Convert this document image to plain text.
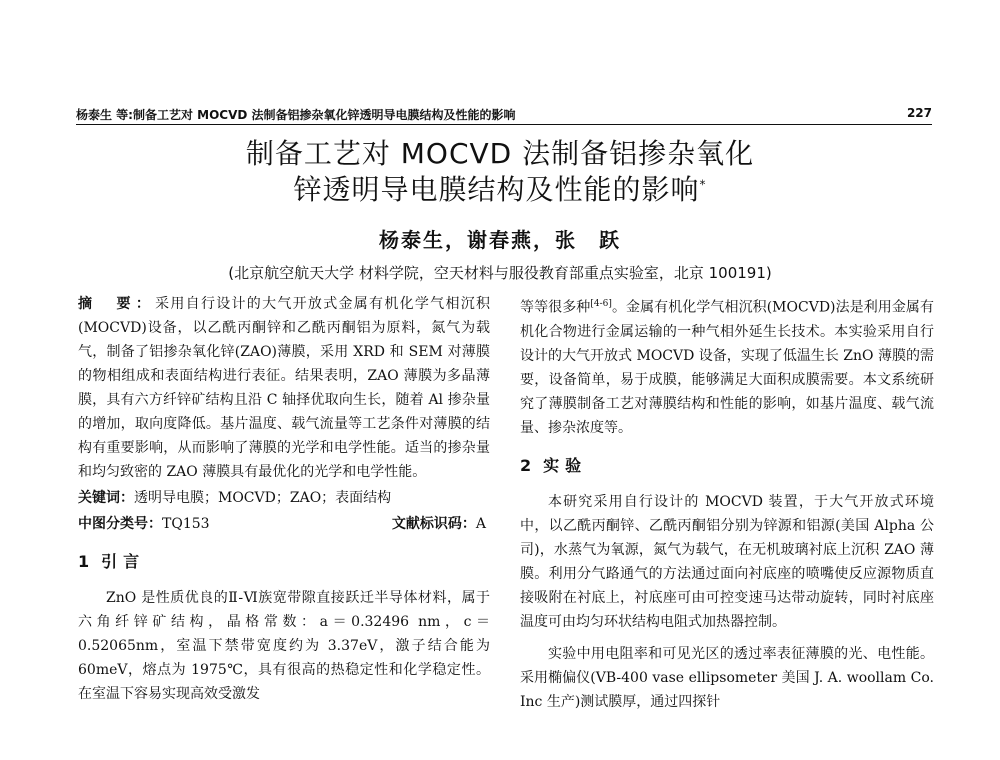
杨泰生 等:制备工艺对 MOCVD 法制备铝掺杂氧化锌透明导电膜结构及性能的影响	227
制备工艺对 MOCVD 法制备铝掺杂氧化
锌透明导电膜结构及性能的影响*
杨泰生，谢春燕，张　跃
(北京航空航天大学 材料学院，空天材料与服役教育部重点实验室，北京 100191)
摘　要：采用自行设计的大气开放式金属有机化学气相沉积(MOCVD)设备，以乙酰丙酮锌和乙酰丙酮铝为原料，氮气为载气，制备了铝掺杂氧化锌(ZAO)薄膜，采用 XRD 和 SEM 对薄膜的物相组成和表面结构进行表征。结果表明，ZAO 薄膜为多晶薄膜，具有六方纤锌矿结构且沿 C 轴择优取向生长，随着 Al 掺杂量的增加，取向度降低。基片温度、载气流量等工艺条件对薄膜的结构有重要影响，从而影响了薄膜的光学和电学性能。适当的掺杂量和均匀致密的 ZAO 薄膜具有最优化的光学和电学性能。
关键词：透明导电膜；MOCVD；ZAO；表面结构
中图分类号：TQ153	文献标识码：A
1 引言

ZnO 是性质优良的Ⅱ-Ⅵ族宽带隙直接跃迁半导体材料，属于六角纤锌矿结构，晶格常数：a＝0.32496 nm，c＝0.52065nm，室温下禁带宽度约为 3.37eV，激子结合能为 60meV，熔点为 1975℃，具有很高的热稳定性和化学稳定性。在室温下容易实现高效受激发

等等很多种[4-6]。金属有机化学气相沉积(MOCVD)法是利用金属有机化合物进行金属运输的一种气相外延生长技术。本实验采用自行设计的大气开放式 MOCVD 设备，实现了低温生长 ZnO 薄膜的需要，设备简单，易于成膜，能够满足大面积成膜需要。本文系统研究了薄膜制备工艺对薄膜结构和性能的影响，如基片温度、载气流量、掺杂浓度等。

2 实验

本研究采用自行设计的 MOCVD 装置，于大气开放式环境中，以乙酰丙酮锌、乙酰丙酮铝分别为锌源和铝源(美国 Alpha 公司)，水蒸气为氧源，氮气为载气，在无机玻璃衬底上沉积 ZAO 薄膜。利用分气路通气的方法通过面向衬底座的喷嘴使反应源物质直接吸附在衬底上，衬底座可由可控变速马达带动旋转，同时衬底座温度可由均匀环状结构电阻式加热器控制。

实验中用电阻率和可见光区的透过率表征薄膜的光、电性能。采用椭偏仪(VB-400 vase ellipsometer 美国 J. A. woollam Co. Inc 生产)测试膜厚，通过四探针
